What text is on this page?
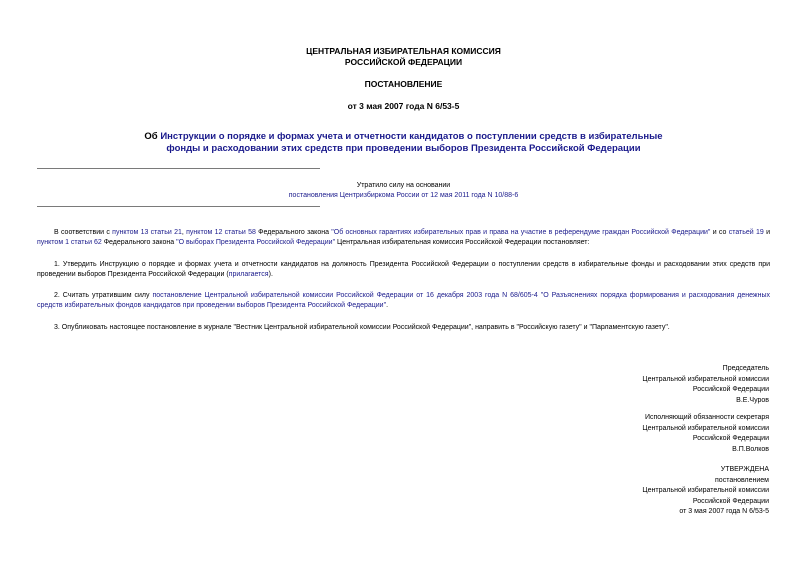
ЦЕНТРАЛЬНАЯ ИЗБИРАТЕЛЬНАЯ КОМИССИЯ
РОССИЙСКОЙ ФЕДЕРАЦИИ
ПОСТАНОВЛЕНИЕ
от 3 мая 2007 года N 6/53-5
Об Инструкции о порядке и формах учета и отчетности кандидатов о поступлении средств в избирательные
фонды и расходовании этих средств при проведении выборов Президента Российской Федерации
Утратило силу на основании
постановления Центризбиркома России от 12 мая 2011 года N 10/88-6
В соответствии с пунктом 13 статьи 21, пунктом 12 статьи 58 Федерального закона "Об основных гарантиях избирательных прав и права на участие в референдуме граждан Российской Федерации" и со статьей 19 и пунктом 1 статьи 62 Федерального закона "О выборах Президента Российской Федерации" Центральная избирательная комиссия Российской Федерации постановляет:
1. Утвердить Инструкцию о порядке и формах учета и отчетности кандидатов на должность Президента Российской Федерации о поступлении средств в избирательные фонды и расходовании этих средств при проведении выборов Президента Российской Федерации (прилагается).
2. Считать утратившим силу постановление Центральной избирательной комиссии Российской Федерации от 16 декабря 2003 года N 68/605-4 "О Разъяснениях порядка формирования и расходования денежных средств избирательных фондов кандидатов при проведении выборов Президента Российской Федерации".
3. Опубликовать настоящее постановление в журнале "Вестник Центральной избирательной комиссии Российской Федерации", направить в "Российскую газету" и "Парламентскую газету".
Председатель
Центральной избирательной комиссии
Российской Федерации
В.Е.Чуров
Исполняющий обязанности секретаря
Центральной избирательной комиссии
Российской Федерации
В.П.Волков
УТВЕРЖДЕНА
постановлением
Центральной избирательной комиссии
Российской Федерации
от 3 мая 2007 года N 6/53-5
